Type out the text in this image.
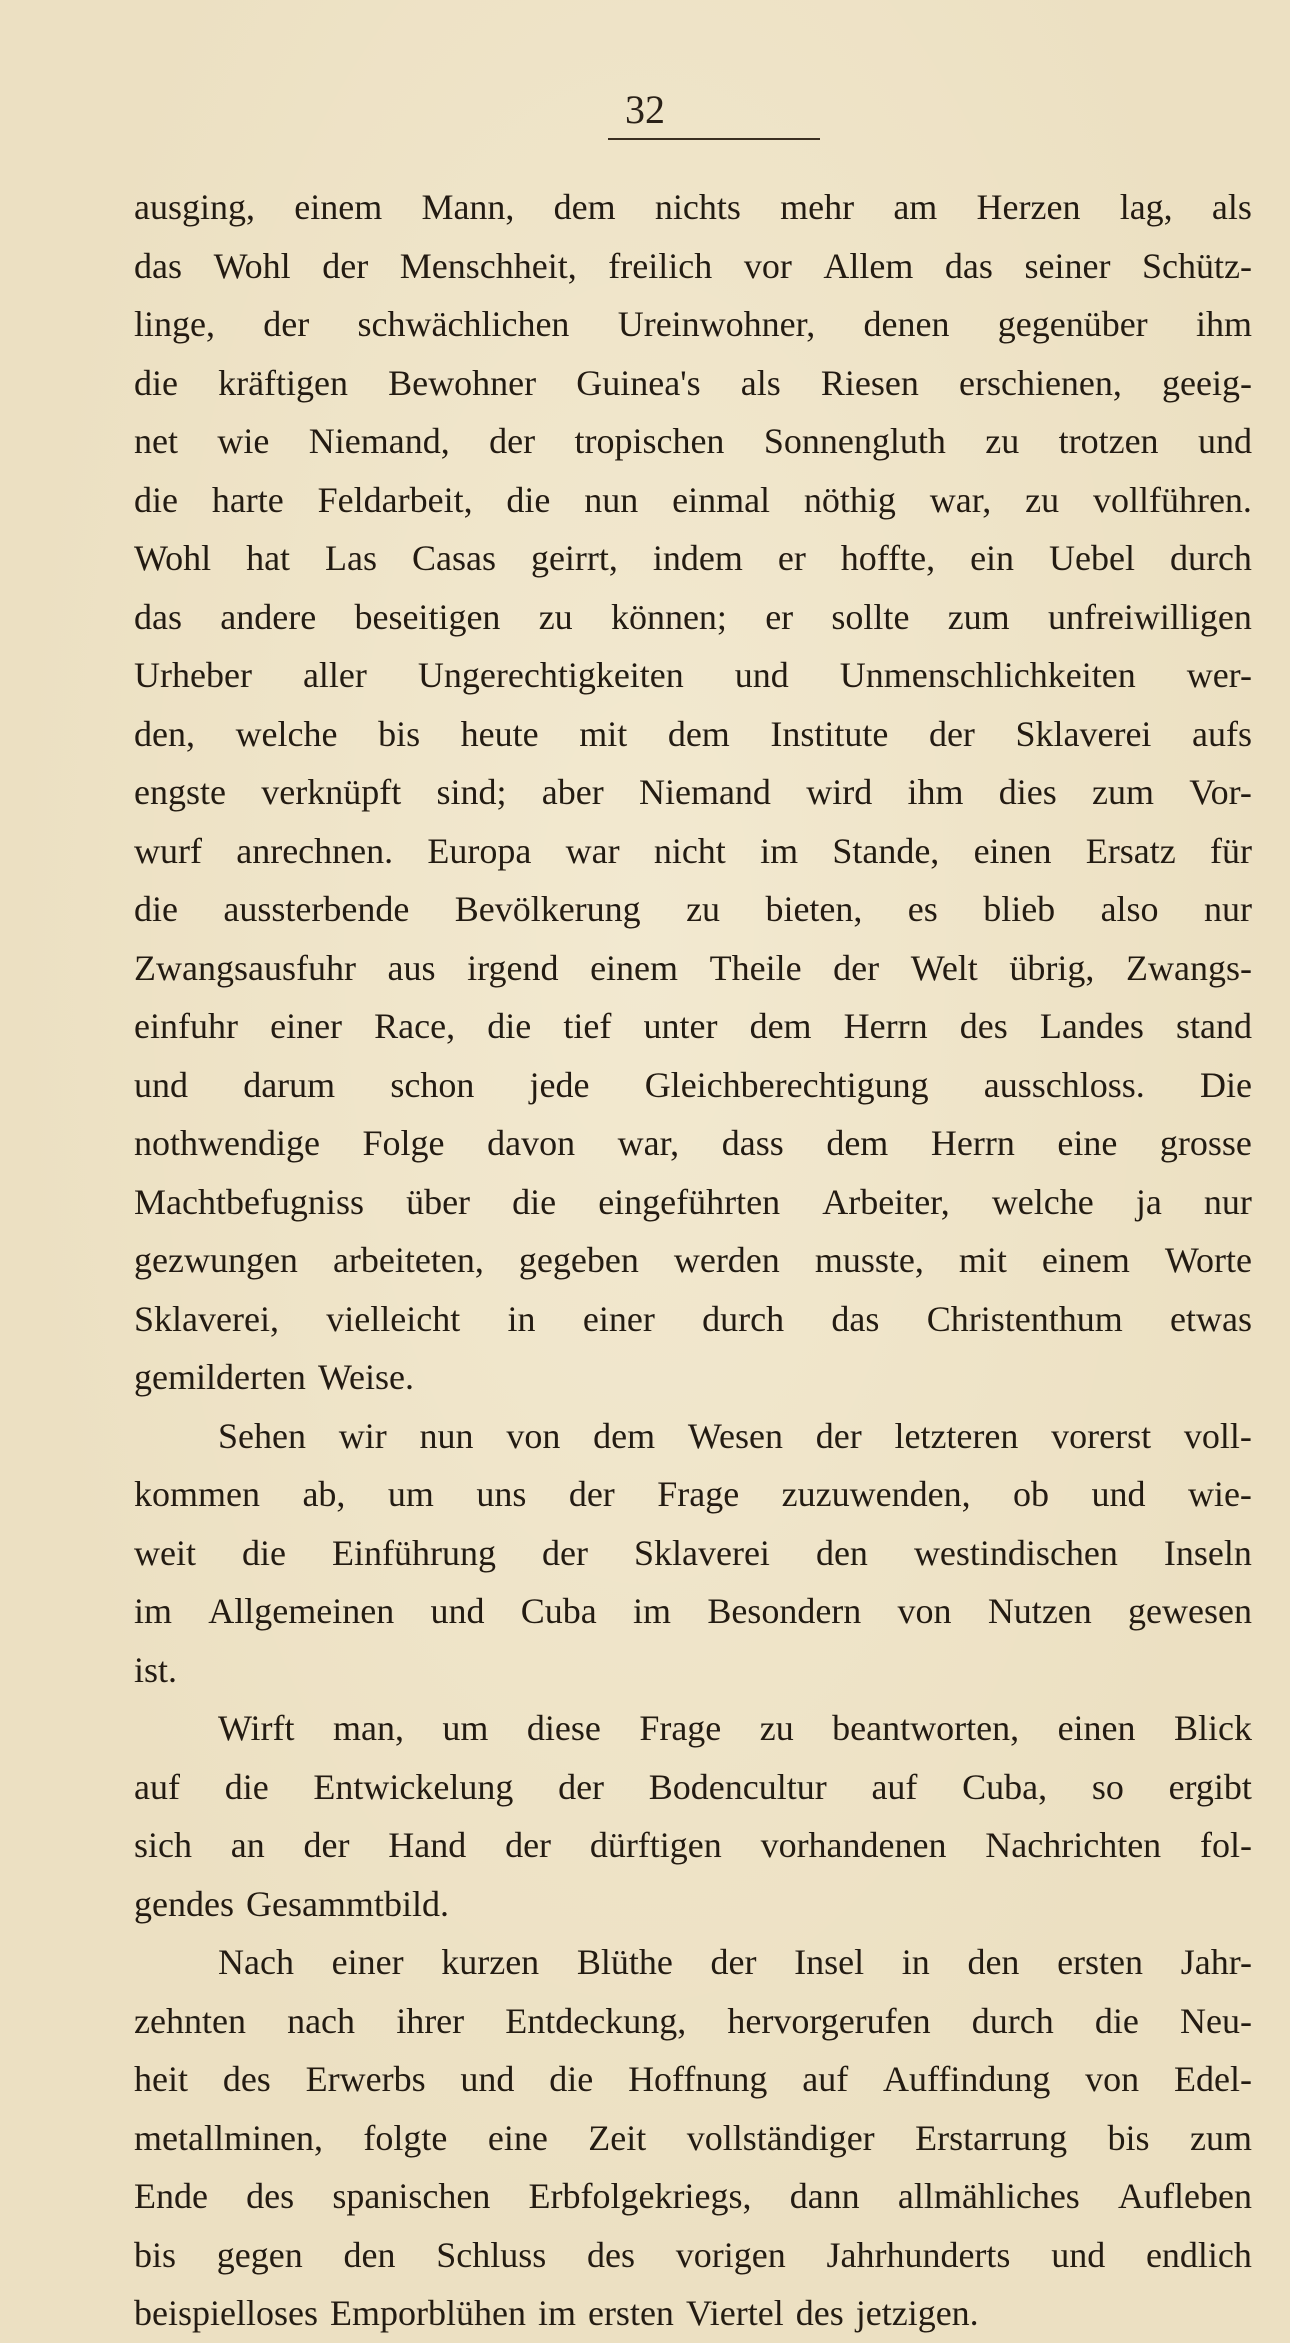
32
ausging, einem Mann, dem nichts mehr am Herzen lag, als
das Wohl der Menschheit, freilich vor Allem das seiner Schütz-
linge, der schwächlichen Ureinwohner, denen gegenüber ihm
die kräftigen Bewohner Guinea's als Riesen erschienen, geeig-
net wie Niemand, der tropischen Sonnengluth zu trotzen und
die harte Feldarbeit, die nun einmal nöthig war, zu vollführen.
Wohl hat Las Casas geirrt, indem er hoffte, ein Uebel durch
das andere beseitigen zu können; er sollte zum unfreiwilligen
Urheber aller Ungerechtigkeiten und Unmenschlichkeiten wer-
den, welche bis heute mit dem Institute der Sklaverei aufs
engste verknüpft sind; aber Niemand wird ihm dies zum Vor-
wurf anrechnen. Europa war nicht im Stande, einen Ersatz für
die aussterbende Bevölkerung zu bieten, es blieb also nur
Zwangsausfuhr aus irgend einem Theile der Welt übrig, Zwangs-
einfuhr einer Race, die tief unter dem Herrn des Landes stand
und darum schon jede Gleichberechtigung ausschloss. Die
nothwendige Folge davon war, dass dem Herrn eine grosse
Machtbefugniss über die eingeführten Arbeiter, welche ja nur
gezwungen arbeiteten, gegeben werden musste, mit einem Worte
Sklaverei, vielleicht in einer durch das Christenthum etwas
gemilderten Weise.
Sehen wir nun von dem Wesen der letzteren vorerst voll-
kommen ab, um uns der Frage zuzuwenden, ob und wie-
weit die Einführung der Sklaverei den westindischen Inseln
im Allgemeinen und Cuba im Besondern von Nutzen gewesen
ist.
Wirft man, um diese Frage zu beantworten, einen Blick
auf die Entwickelung der Bodencultur auf Cuba, so ergibt
sich an der Hand der dürftigen vorhandenen Nachrichten fol-
gendes Gesammtbild.
Nach einer kurzen Blüthe der Insel in den ersten Jahr-
zehnten nach ihrer Entdeckung, hervorgerufen durch die Neu-
heit des Erwerbs und die Hoffnung auf Auffindung von Edel-
metallminen, folgte eine Zeit vollständiger Erstarrung bis zum
Ende des spanischen Erbfolgekriegs, dann allmähliches Aufleben
bis gegen den Schluss des vorigen Jahrhunderts und endlich
beispielloses Emporblühen im ersten Viertel des jetzigen.
